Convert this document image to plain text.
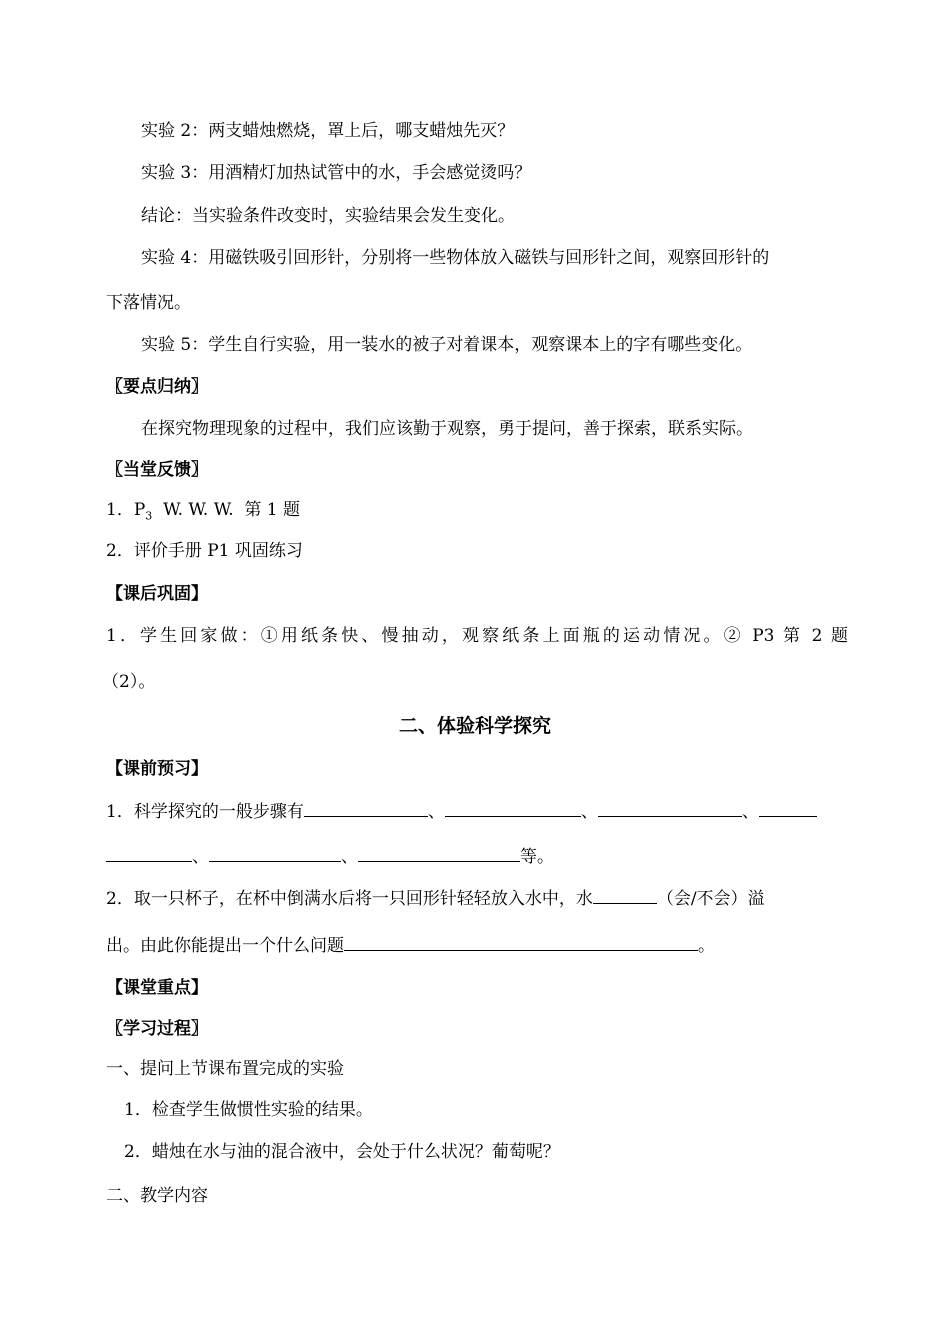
实验 2：两支蜡烛燃烧，罩上后，哪支蜡烛先灭？
实验 3：用酒精灯加热试管中的水，手会感觉烫吗？
结论：当实验条件改变时，实验结果会发生变化。
实验 4：用磁铁吸引回形针，分别将一些物体放入磁铁与回形针之间，观察回形针的
下落情况。
实验 5：学生自行实验，用一装水的被子对着课本，观察课本上的字有哪些变化。
〖要点归纳〗
在探究物理现象的过程中，我们应该勤于观察，勇于提问，善于探索，联系实际。
〖当堂反馈〗
1．$P_3$  W. W. W.  第 1 题
2．评价手册 P1 巩固练习
【课后巩固】
1．学生回家做：①用纸条快、慢抽动，观察纸条上面瓶的运动情况。② P3 第 2 题
（2）。
二、体验科学探究
【课前预习】
1．科学探究的一般步骤有	、	、	、
、	、	等。
2．取一只杯子，在杯中倒满水后将一只回形针轻轻放入水中，水	（会/不会）溢
出。由此你能提出一个什么问题	。
【课堂重点】
〖学习过程〗
一、提问上节课布置完成的实验
1．检查学生做惯性实验的结果。
2．蜡烛在水与油的混合液中，会处于什么状况？葡萄呢？
二、教学内容
